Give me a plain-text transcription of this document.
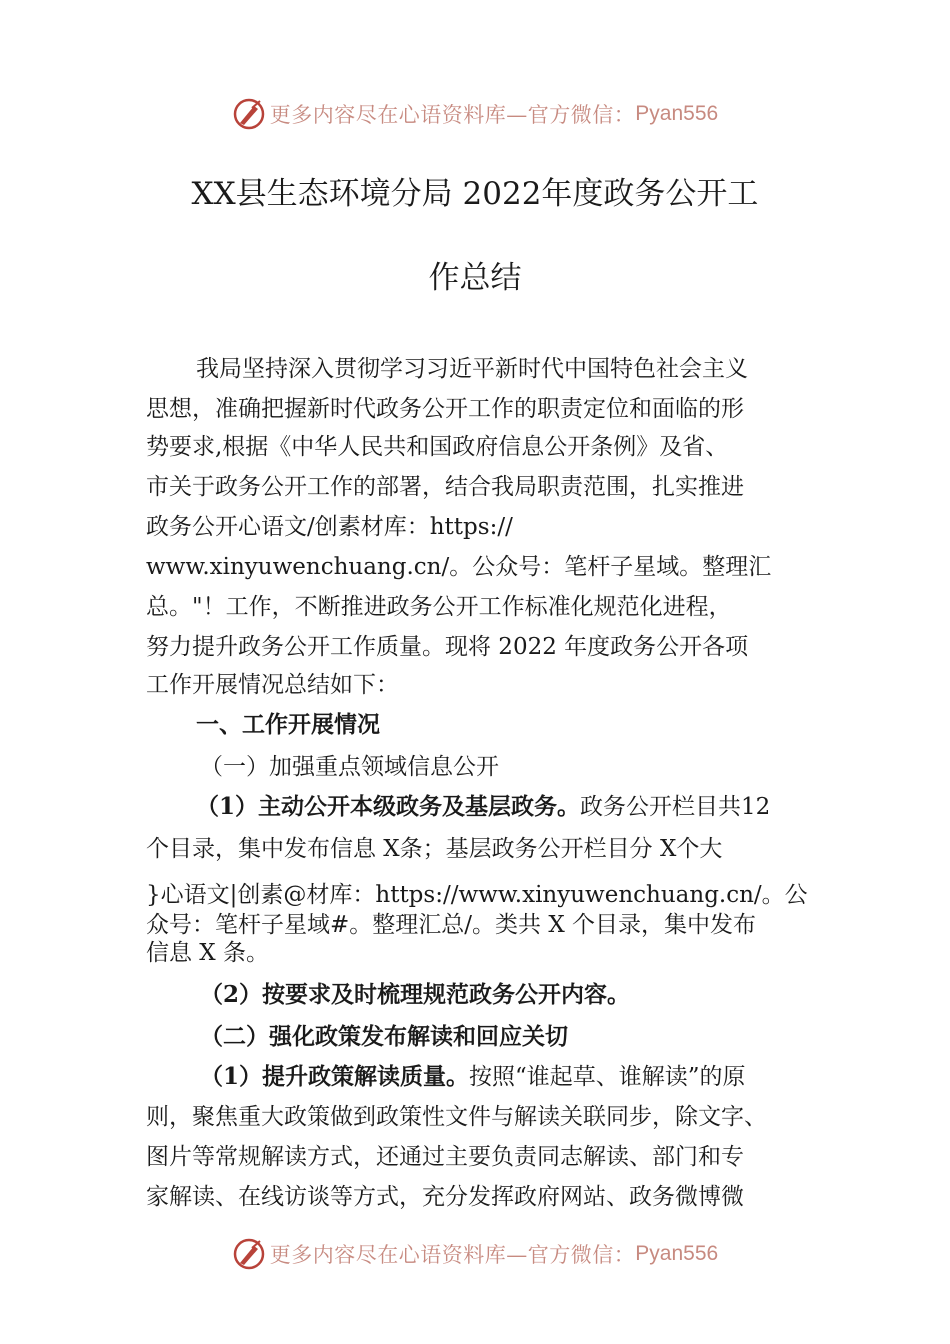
更多内容尽在心语资料库—官方微信： Pyan556
XX县生态环境分局 2022年度政务公开工
作总结
我局坚持深入贯彻学习习近平新时代中国特色社会主义
思想，准确把握新时代政务公开工作的职责定位和面临的形
势要求,根据《中华人民共和国政府信息公开条例》及省、
市关于政务公开工作的部署，结合我局职责范围，扎实推进
政务公开心语文/创素材库：https://
www.xinyuwenchuang.cn/。公众号：笔杆子星域。整理汇
总。"！工作，不断推进政务公开工作标准化规范化进程，
努力提升政务公开工作质量。现将 2022 年度政务公开各项
工作开展情况总结如下：
一、工作开展情况
（一）加强重点领域信息公开
（1）主动公开本级政务及基层政务。政务公开栏目共12
个目录，集中发布信息 X条；基层政务公开栏目分 X个大
}心语文|创素@材库：https://www.xinyuwenchuang.cn/。公
众号：笔杆子星域#。整理汇总/。类共 X 个目录，集中发布
信息 X 条。
（2）按要求及时梳理规范政务公开内容。
（二）强化政策发布解读和回应关切
（1）提升政策解读质量。按照“谁起草、谁解读”的原
则，聚焦重大政策做到政策性文件与解读关联同步，除文字、
图片等常规解读方式，还通过主要负责同志解读、部门和专
家解读、在线访谈等方式，充分发挥政府网站、政务微博微
更多内容尽在心语资料库—官方微信： Pyan556
